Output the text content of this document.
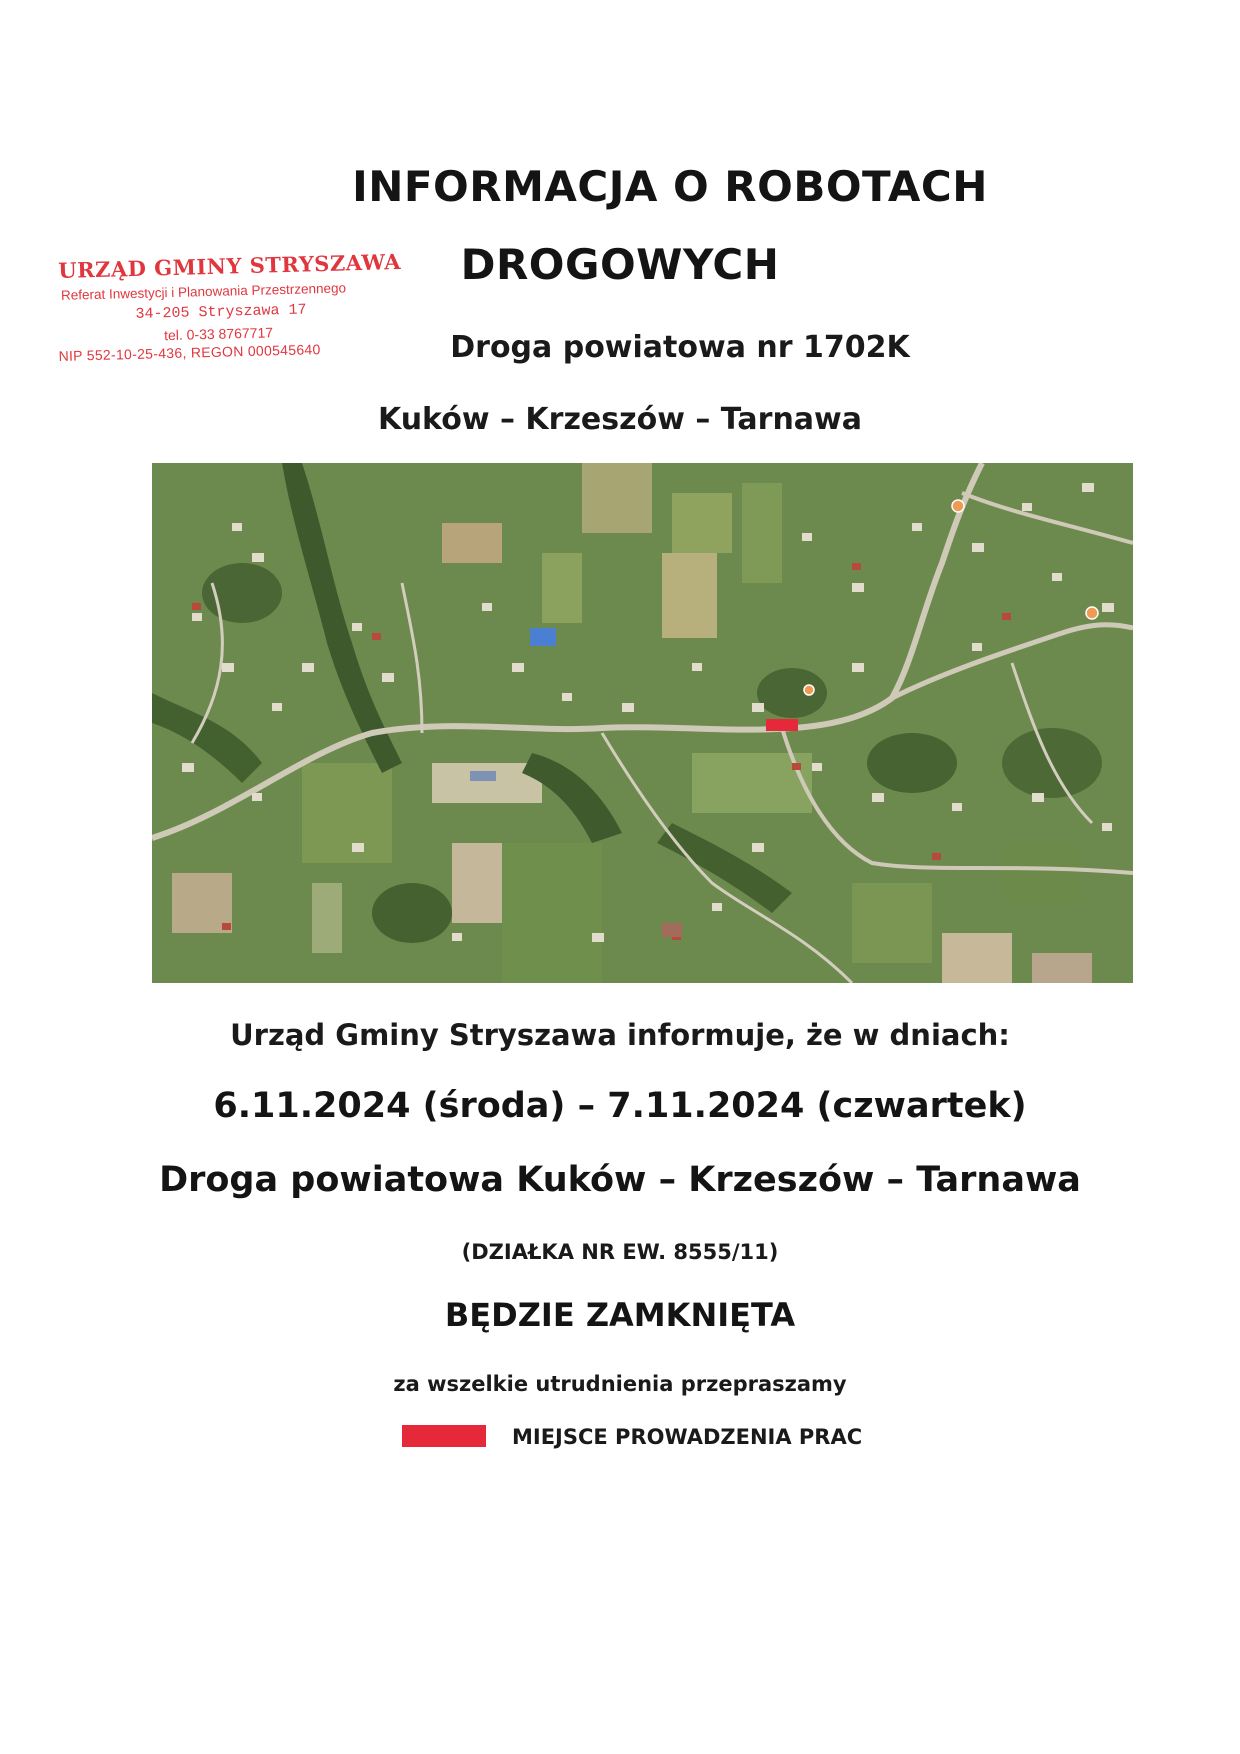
INFORMACJA O ROBOTACH
DROGOWYCH
URZĄD GMINY STRYSZAWA
Referat Inwestycji i Planowania Przestrzennego
34-205 Stryszawa 17
tel. 0-33 8767717
NIP 552-10-25-436, REGON 000545640	Droga powiatowa nr 1702K
Kuków – Krzeszów – Tarnawa
Urząd Gminy Stryszawa informuje, że w dniach:
6.11.2024 (środa) – 7.11.2024 (czwartek)
Droga powiatowa Kuków – Krzeszów – Tarnawa
(DZIAŁKA NR EW. 8555/11)
BĘDZIE ZAMKNIĘTA
za wszelkie utrudnienia przepraszamy
MIEJSCE PROWADZENIA PRAC
